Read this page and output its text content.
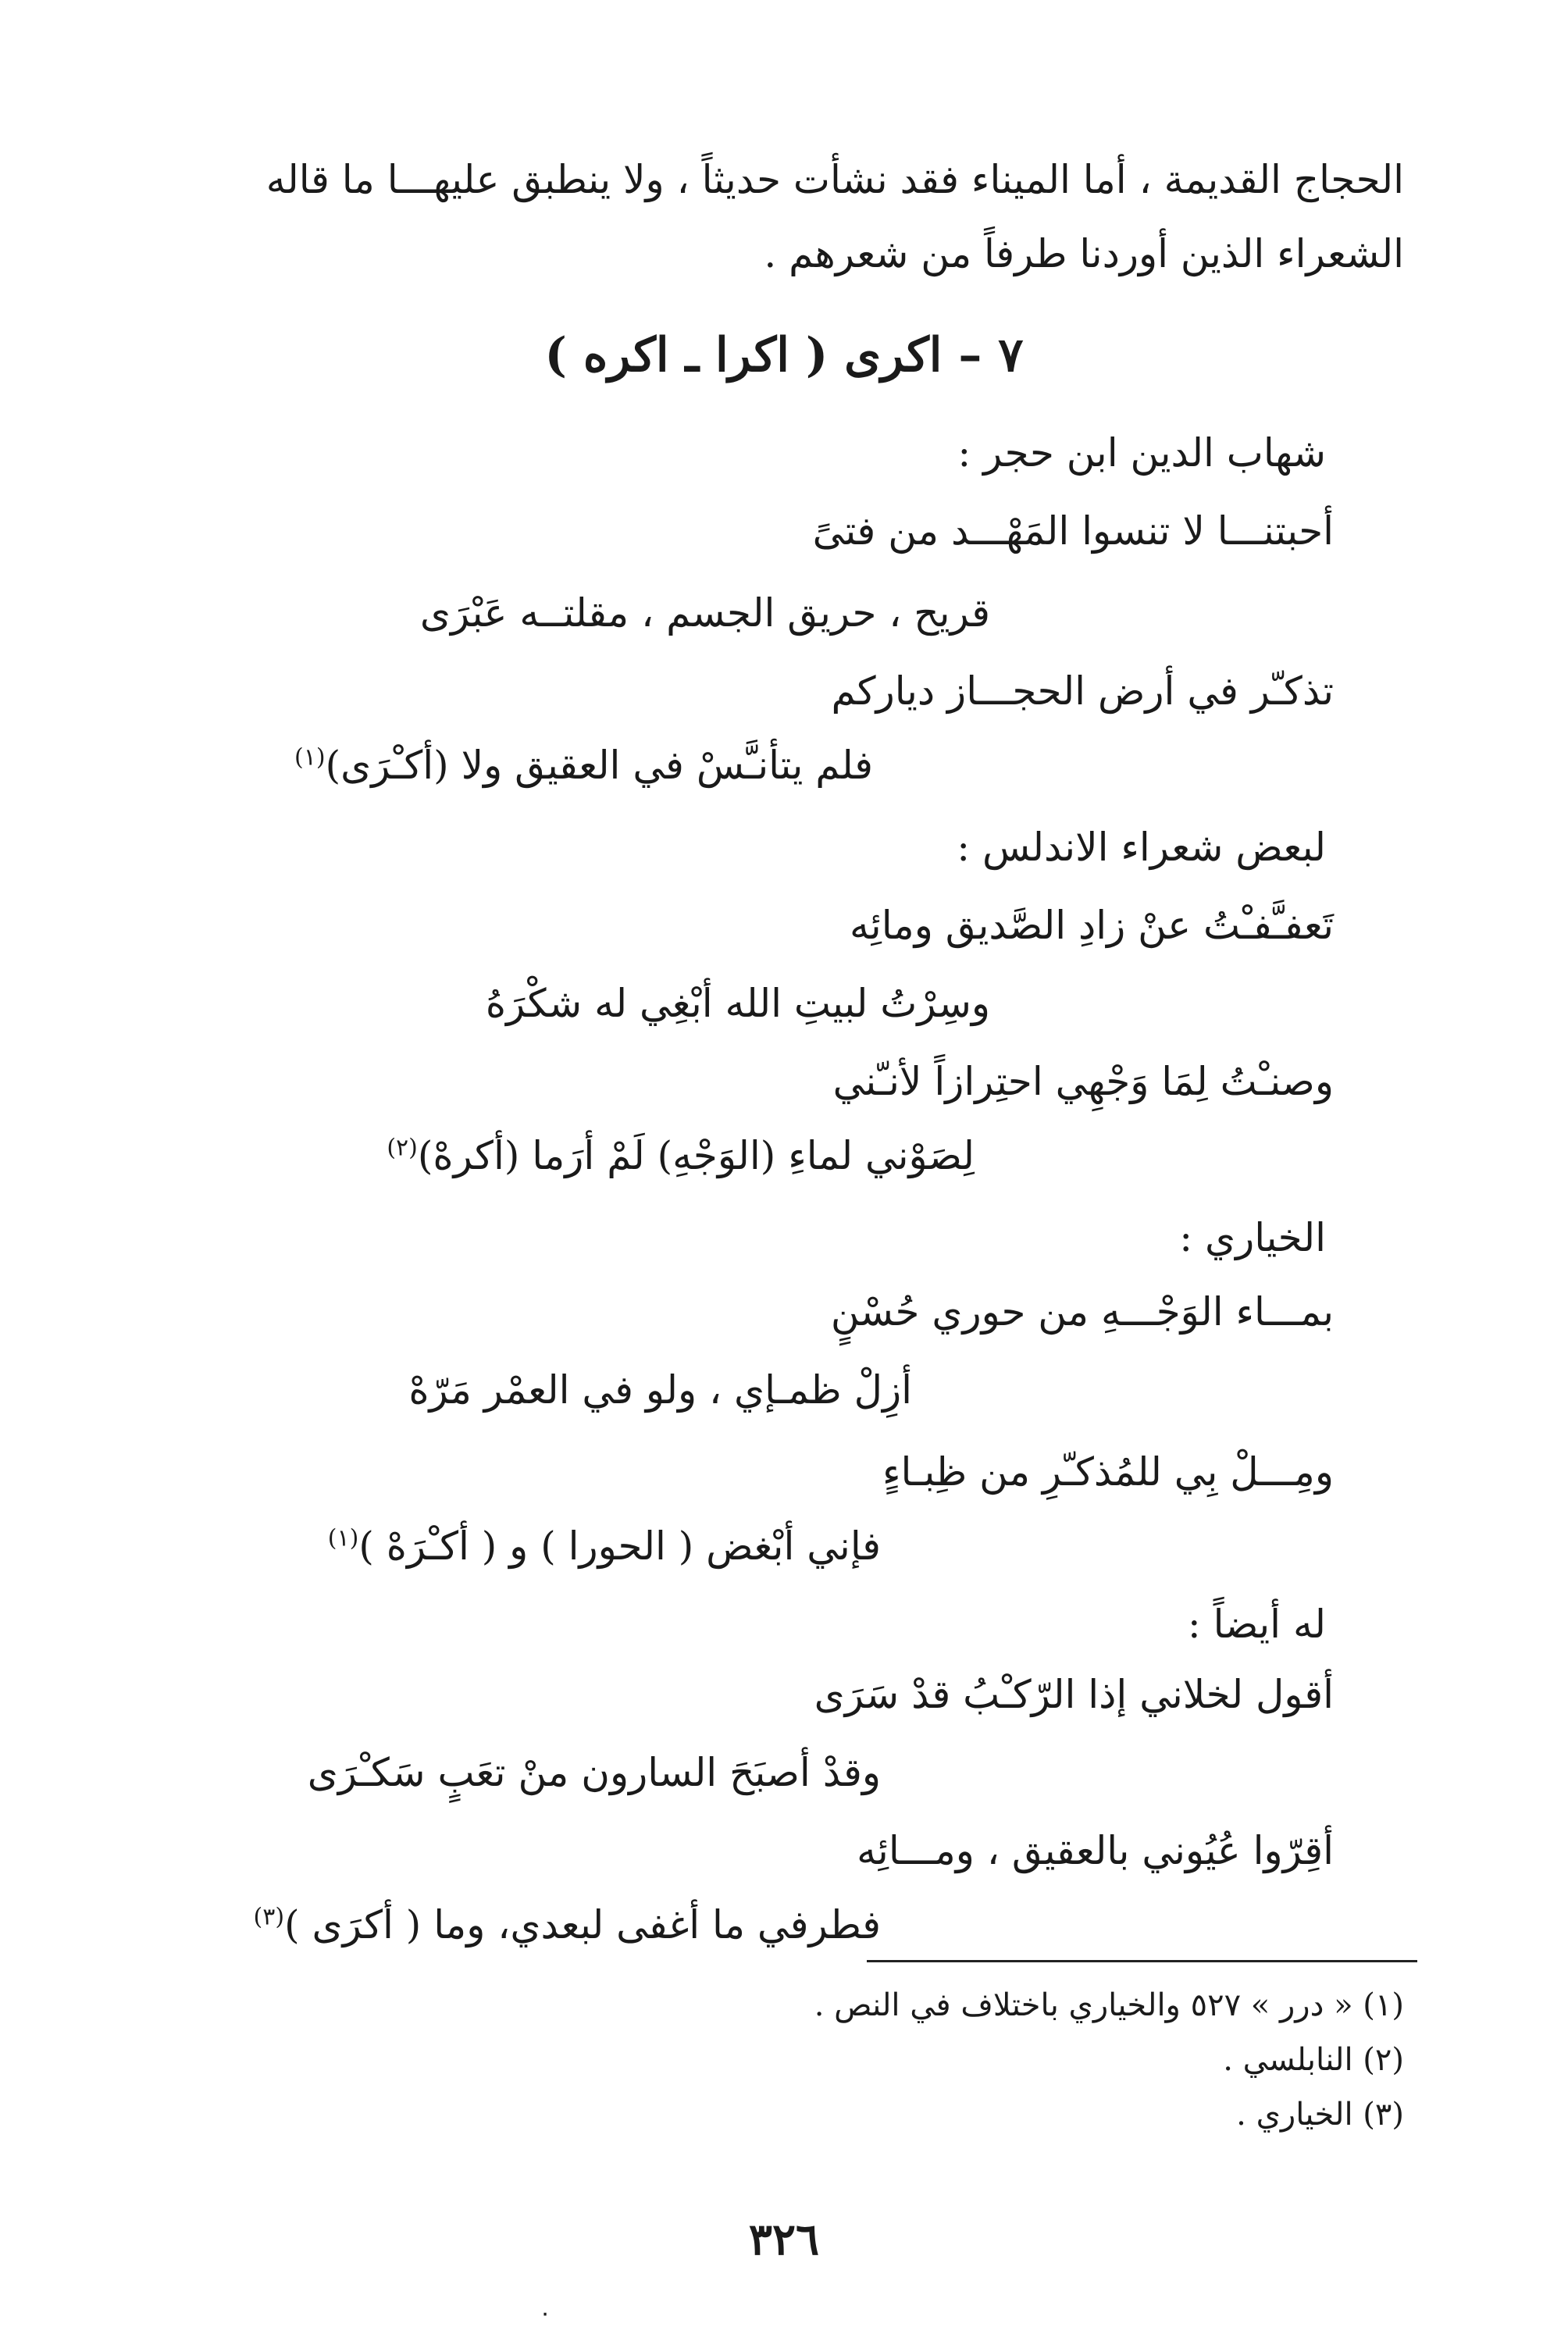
الحجاج القديمة ، أما الميناء فقد نشأت حديثاً ، ولا ينطبق عليهـــا ما قاله
الشعراء الذين أوردنا طرفاً من شعرهم .
٧ – اكرى ( اكرا ـ اكره )
شهاب الدين ابن حجر :
أحبتنـــا لا تنسوا المَهْـــد من فتىً
قريح ، حريق الجسم ، مقلتــه عَبْرَى
تذكـّر في أرض الحجـــاز دياركم
فلم يتأنـَّسْ في العقيق ولا (أكـْرَى)$^{(١)}$
لبعض شعراء الاندلس :
تَعفـَّفـْتُ عنْ زادِ الصَّديق ومائِه
وسِرْتُ لبيتِ الله أبْغِي له شكْرَهُ
وصنـْتُ لِمَا وَجْهِي احتِرازاً لأنـّني
لِصَوْني لماءِ (الوَجْهِ) لَمْ أرَما (أكرهْ)$^{(٢)}$
الخياري :
بمـــاء الوَجْـــهِ من حوري حُسْنٍ
أزِلْ ظمـإي ، ولو في العمْر مَرّهْ
ومِـــلْ بِي للمُذكـّرِ من ظِبـاءٍ
فإني أبْغض ( الحورا ) و ( أكـْرَهْ )$^{(١)}$
له أيضاً :
أقول لخلاني إذا الرّكـْبُ قدْ سَرَى
وقدْ أصبَحَ السارون منْ تعَبٍ سَكـْرَى
أقِرّوا عُيُوني بالعقيق ، ومـــائِه
فطرفي ما أغفى لبعدي، وما ( أكرَى )$^{(٣)}$
(١) « درر » ٥٢٧ والخياري باختلاف في النص .
(٢) النابلسي .
(٣) الخياري .
٣٢٦
٠
